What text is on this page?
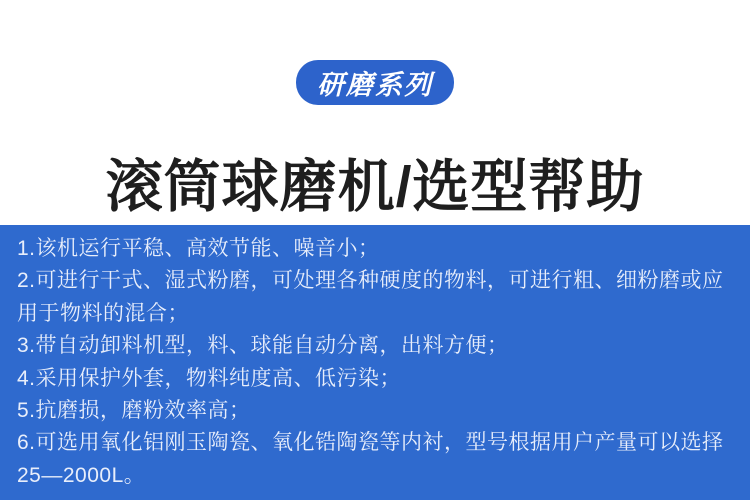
研磨系列
滚筒球磨机/选型帮助
1.该机运行平稳、高效节能、噪音小；
2.可进行干式、湿式粉磨，可处理各种硬度的物料，可进行粗、细粉磨或应用于物料的混合；
3.带自动卸料机型，料、球能自动分离，出料方便；
4.采用保护外套，物料纯度高、低污染；
5.抗磨损，磨粉效率高；
6.可选用氧化铝刚玉陶瓷、氧化锆陶瓷等内衬，型号根据用户产量可以选择25—2000L。
